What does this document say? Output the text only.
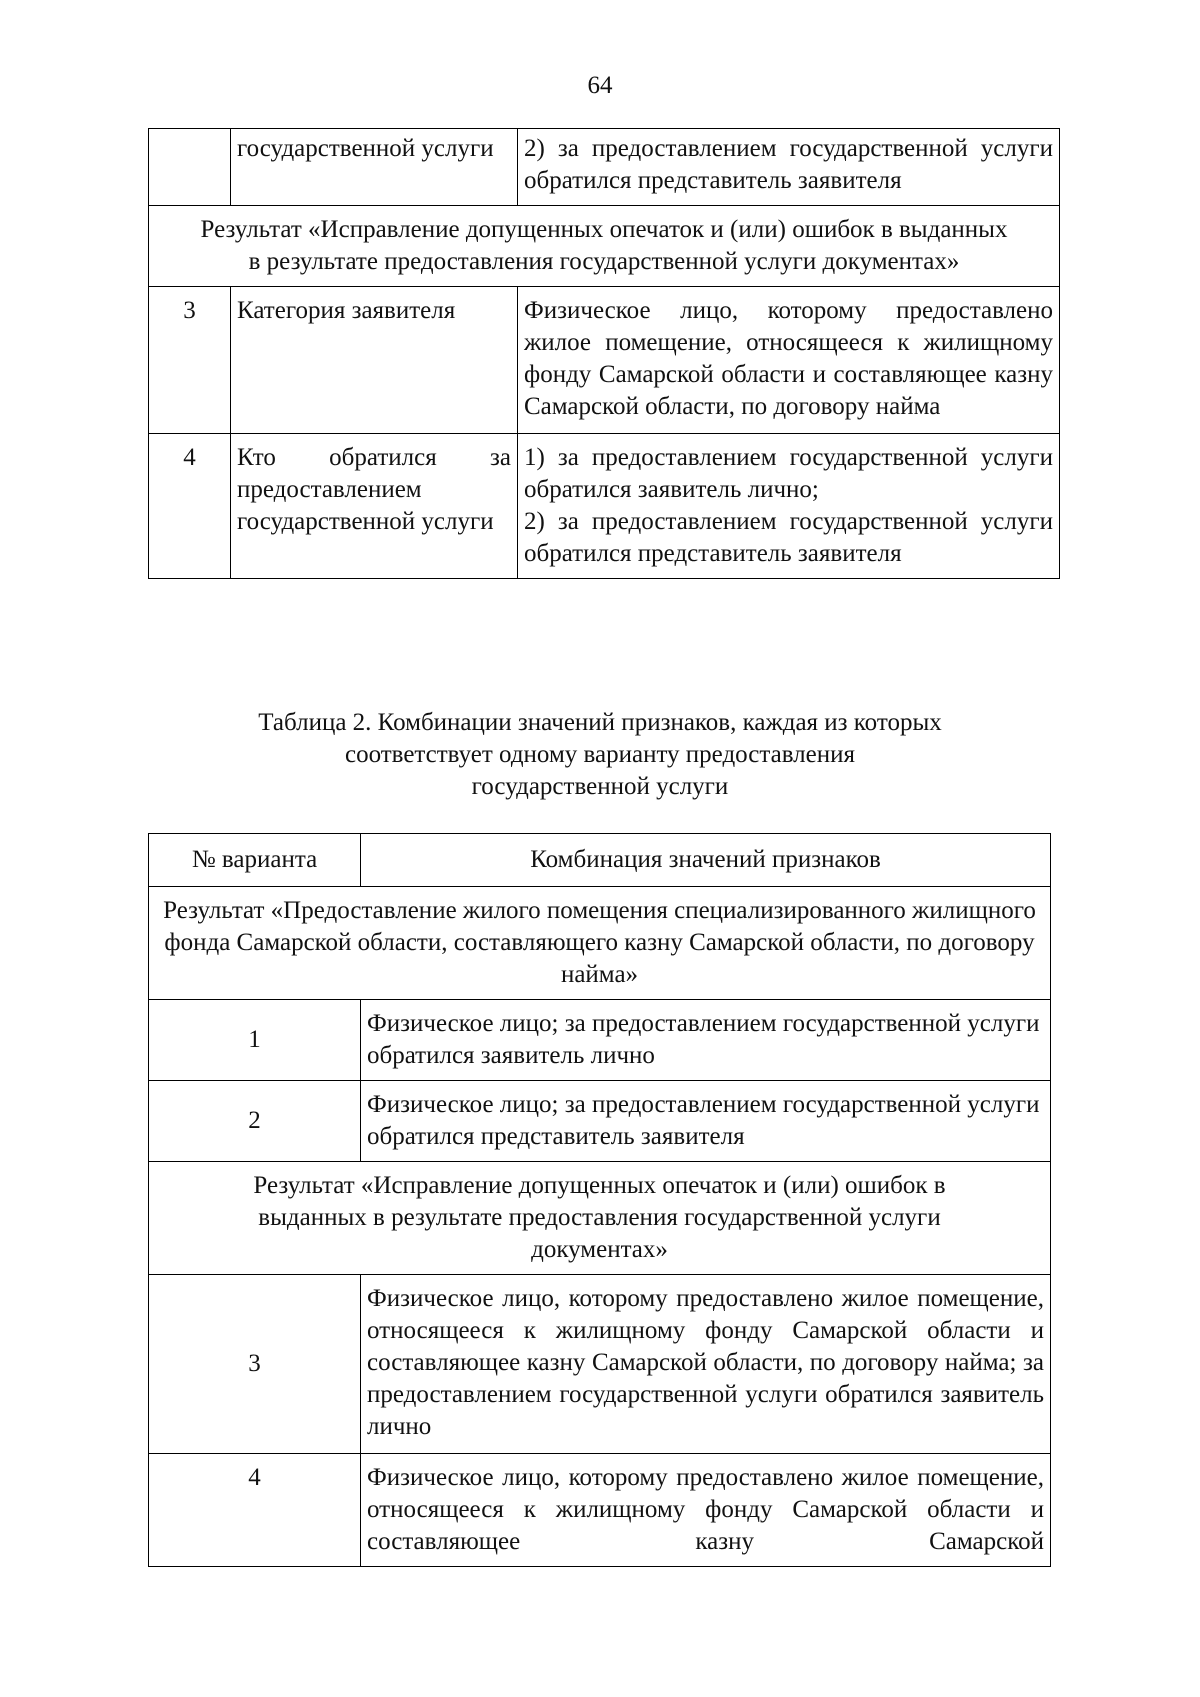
64
	государственной услуги	2) за предоставлением государственной услуги обратился представитель заявителя
Результат «Исправление допущенных опечаток и (или) ошибок в выданных в результате предоставления государственной услуги документах»		
3	Категория заявителя	Физическое лицо, которому предоставлено жилое помещение, относящееся к жилищному фонду Самарской области и составляющее казну Самарской области, по договору найма
4	Кто обратился за предоставлением государственной услуги	1) за предоставлением государственной услуги обратился заявитель лично;
2) за предоставлением государственной услуги обратился представитель заявителя
Таблица 2. Комбинации значений признаков, каждая из которых
соответствует одному варианту предоставления
государственной услуги
№ варианта	Комбинация значений признаков
Результат «Предоставление жилого помещения специализированного жилищного фонда Самарской области, составляющего казну Самарской области, по договору найма»	
1	Физическое лицо; за предоставлением государственной услуги обратился заявитель лично
2	Физическое лицо; за предоставлением государственной услуги обратился представитель заявителя
Результат «Исправление допущенных опечаток и (или) ошибок в выданных в результате предоставления государственной услуги документах»	
3	Физическое лицо, которому предоставлено жилое помещение, относящееся к жилищному фонду Самарской области и составляющее казну Самарской области, по договору найма; за предоставлением государственной услуги обратился заявитель лично
4	Физическое лицо, которому предоставлено жилое помещение, относящееся к жилищному фонду Самарской области и составляющее казну Самарской
